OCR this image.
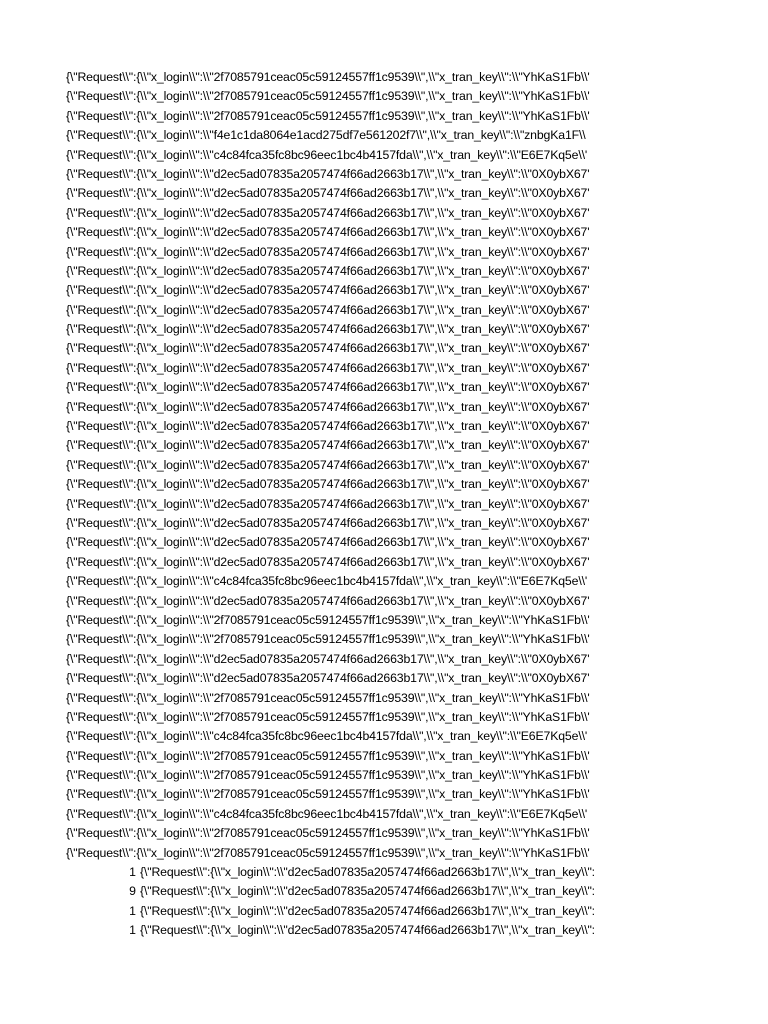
{\"Request\\":{\\"x_login\\":\\"2f7085791ceac05c59124557ff1c9539\\",\\"x_tran_key\\":\\"YhKaS1Fb\\'
{\"Request\\":{\\"x_login\\":\\"2f7085791ceac05c59124557ff1c9539\\",\\"x_tran_key\\":\\"YhKaS1Fb\\'
{\"Request\\":{\\"x_login\\":\\"2f7085791ceac05c59124557ff1c9539\\",\\"x_tran_key\\":\\"YhKaS1Fb\\'
{\"Request\\":{\\"x_login\\":\\"f4e1c1da8064e1acd275df7e561202f7\\",\\"x_tran_key\\":\\"znbgKa1F\\
{\"Request\\":{\\"x_login\\":\\"c4c84fca35fc8bc96eec1bc4b4157fda\\",\\"x_tran_key\\":\\"E6E7Kq5e\\'
{\"Request\\":{\\"x_login\\":\\"d2ec5ad07835a2057474f66ad2663b17\\",\\"x_tran_key\\":\\"0X0ybX67'
{\"Request\\":{\\"x_login\\":\\"d2ec5ad07835a2057474f66ad2663b17\\",\\"x_tran_key\\":\\"0X0ybX67'
{\"Request\\":{\\"x_login\\":\\"d2ec5ad07835a2057474f66ad2663b17\\",\\"x_tran_key\\":\\"0X0ybX67'
{\"Request\\":{\\"x_login\\":\\"d2ec5ad07835a2057474f66ad2663b17\\",\\"x_tran_key\\":\\"0X0ybX67'
{\"Request\\":{\\"x_login\\":\\"d2ec5ad07835a2057474f66ad2663b17\\",\\"x_tran_key\\":\\"0X0ybX67'
{\"Request\\":{\\"x_login\\":\\"d2ec5ad07835a2057474f66ad2663b17\\",\\"x_tran_key\\":\\"0X0ybX67'
{\"Request\\":{\\"x_login\\":\\"d2ec5ad07835a2057474f66ad2663b17\\",\\"x_tran_key\\":\\"0X0ybX67'
{\"Request\\":{\\"x_login\\":\\"d2ec5ad07835a2057474f66ad2663b17\\",\\"x_tran_key\\":\\"0X0ybX67'
{\"Request\\":{\\"x_login\\":\\"d2ec5ad07835a2057474f66ad2663b17\\",\\"x_tran_key\\":\\"0X0ybX67'
{\"Request\\":{\\"x_login\\":\\"d2ec5ad07835a2057474f66ad2663b17\\",\\"x_tran_key\\":\\"0X0ybX67'
{\"Request\\":{\\"x_login\\":\\"d2ec5ad07835a2057474f66ad2663b17\\",\\"x_tran_key\\":\\"0X0ybX67'
{\"Request\\":{\\"x_login\\":\\"d2ec5ad07835a2057474f66ad2663b17\\",\\"x_tran_key\\":\\"0X0ybX67'
{\"Request\\":{\\"x_login\\":\\"d2ec5ad07835a2057474f66ad2663b17\\",\\"x_tran_key\\":\\"0X0ybX67'
{\"Request\\":{\\"x_login\\":\\"d2ec5ad07835a2057474f66ad2663b17\\",\\"x_tran_key\\":\\"0X0ybX67'
{\"Request\\":{\\"x_login\\":\\"d2ec5ad07835a2057474f66ad2663b17\\",\\"x_tran_key\\":\\"0X0ybX67'
{\"Request\\":{\\"x_login\\":\\"d2ec5ad07835a2057474f66ad2663b17\\",\\"x_tran_key\\":\\"0X0ybX67'
{\"Request\\":{\\"x_login\\":\\"d2ec5ad07835a2057474f66ad2663b17\\",\\"x_tran_key\\":\\"0X0ybX67'
{\"Request\\":{\\"x_login\\":\\"d2ec5ad07835a2057474f66ad2663b17\\",\\"x_tran_key\\":\\"0X0ybX67'
{\"Request\\":{\\"x_login\\":\\"d2ec5ad07835a2057474f66ad2663b17\\",\\"x_tran_key\\":\\"0X0ybX67'
{\"Request\\":{\\"x_login\\":\\"d2ec5ad07835a2057474f66ad2663b17\\",\\"x_tran_key\\":\\"0X0ybX67'
{\"Request\\":{\\"x_login\\":\\"d2ec5ad07835a2057474f66ad2663b17\\",\\"x_tran_key\\":\\"0X0ybX67'
{\"Request\\":{\\"x_login\\":\\"c4c84fca35fc8bc96eec1bc4b4157fda\\",\\"x_tran_key\\":\\"E6E7Kq5e\\'
{\"Request\\":{\\"x_login\\":\\"d2ec5ad07835a2057474f66ad2663b17\\",\\"x_tran_key\\":\\"0X0ybX67'
{\"Request\\":{\\"x_login\\":\\"2f7085791ceac05c59124557ff1c9539\\",\\"x_tran_key\\":\\"YhKaS1Fb\\'
{\"Request\\":{\\"x_login\\":\\"2f7085791ceac05c59124557ff1c9539\\",\\"x_tran_key\\":\\"YhKaS1Fb\\'
{\"Request\\":{\\"x_login\\":\\"d2ec5ad07835a2057474f66ad2663b17\\",\\"x_tran_key\\":\\"0X0ybX67'
{\"Request\\":{\\"x_login\\":\\"d2ec5ad07835a2057474f66ad2663b17\\",\\"x_tran_key\\":\\"0X0ybX67'
{\"Request\\":{\\"x_login\\":\\"2f7085791ceac05c59124557ff1c9539\\",\\"x_tran_key\\":\\"YhKaS1Fb\\'
{\"Request\\":{\\"x_login\\":\\"2f7085791ceac05c59124557ff1c9539\\",\\"x_tran_key\\":\\"YhKaS1Fb\\'
{\"Request\\":{\\"x_login\\":\\"c4c84fca35fc8bc96eec1bc4b4157fda\\",\\"x_tran_key\\":\\"E6E7Kq5e\\'
{\"Request\\":{\\"x_login\\":\\"2f7085791ceac05c59124557ff1c9539\\",\\"x_tran_key\\":\\"YhKaS1Fb\\'
{\"Request\\":{\\"x_login\\":\\"2f7085791ceac05c59124557ff1c9539\\",\\"x_tran_key\\":\\"YhKaS1Fb\\'
{\"Request\\":{\\"x_login\\":\\"2f7085791ceac05c59124557ff1c9539\\",\\"x_tran_key\\":\\"YhKaS1Fb\\'
{\"Request\\":{\\"x_login\\":\\"c4c84fca35fc8bc96eec1bc4b4157fda\\",\\"x_tran_key\\":\\"E6E7Kq5e\\'
{\"Request\\":{\\"x_login\\":\\"2f7085791ceac05c59124557ff1c9539\\",\\"x_tran_key\\":\\"YhKaS1Fb\\'
{\"Request\\":{\\"x_login\\":\\"2f7085791ceac05c59124557ff1c9539\\",\\"x_tran_key\\":\\"YhKaS1Fb\\'
1 {\"Request\\":{\\"x_login\\":\\"d2ec5ad07835a2057474f66ad2663b17\\",\\"x_tran_key\\":
9 {\"Request\\":{\\"x_login\\":\\"d2ec5ad07835a2057474f66ad2663b17\\",\\"x_tran_key\\":
1 {\"Request\\":{\\"x_login\\":\\"d2ec5ad07835a2057474f66ad2663b17\\",\\"x_tran_key\\":
1 {\"Request\\":{\\"x_login\\":\\"d2ec5ad07835a2057474f66ad2663b17\\",\\"x_tran_key\\":
